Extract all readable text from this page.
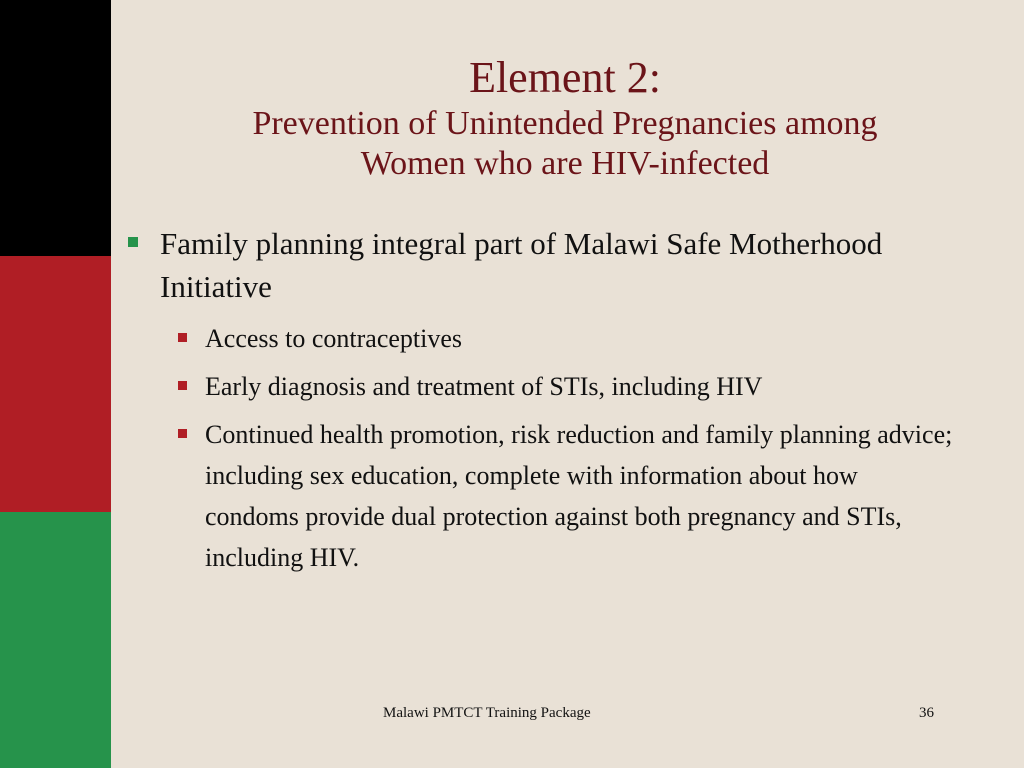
Element 2:
Prevention of Unintended Pregnancies among
Women who are HIV-infected
Family planning integral part of Malawi Safe Motherhood Initiative
Access to contraceptives
Early diagnosis and treatment of STIs, including HIV
Continued health promotion, risk reduction and family planning advice; including sex education, complete with information about how condoms provide dual protection against both pregnancy and STIs, including HIV.
Malawi PMTCT Training Package	36
